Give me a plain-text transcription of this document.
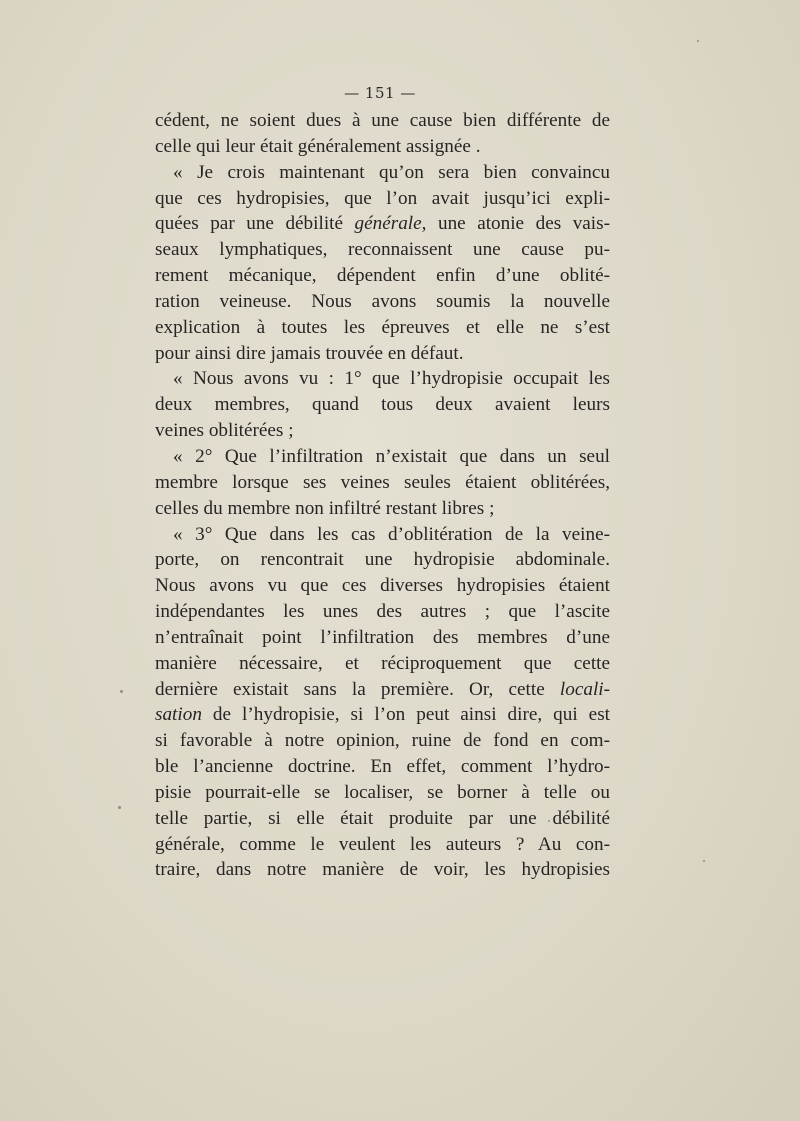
— 151 —
cédent, ne soient dues à une cause bien différente de
celle qui leur était généralement assignée .
« Je crois maintenant qu’on sera bien convaincu
que ces hydropisies, que l’on avait jusqu’ici expli-
quées par une débilité générale, une atonie des vais-
seaux lymphatiques, reconnaissent une cause pu-
rement mécanique, dépendent enfin d’une oblité-
ration veineuse. Nous avons soumis la nouvelle
explication à toutes les épreuves et elle ne s’est
pour ainsi dire jamais trouvée en défaut.
« Nous avons vu : 1° que l’hydropisie occupait les
deux membres, quand tous deux avaient leurs
veines oblitérées ;
« 2° Que l’infiltration n’existait que dans un seul
membre lorsque ses veines seules étaient oblitérées,
celles du membre non infiltré restant libres ;
« 3° Que dans les cas d’oblitération de la veine-
porte, on rencontrait une hydropisie abdominale.
Nous avons vu que ces diverses hydropisies étaient
indépendantes les unes des autres ; que l’ascite
n’entraînait point l’infiltration des membres d’une
manière nécessaire, et réciproquement que cette
dernière existait sans la première. Or, cette locali-
sation de l’hydropisie, si l’on peut ainsi dire, qui est
si favorable à notre opinion, ruine de fond en com-
ble l’ancienne doctrine. En effet, comment l’hydro-
pisie pourrait-elle se localiser, se borner à telle ou
telle partie, si elle était produite par une débilité
générale, comme le veulent les auteurs ? Au con-
traire, dans notre manière de voir, les hydropisies
